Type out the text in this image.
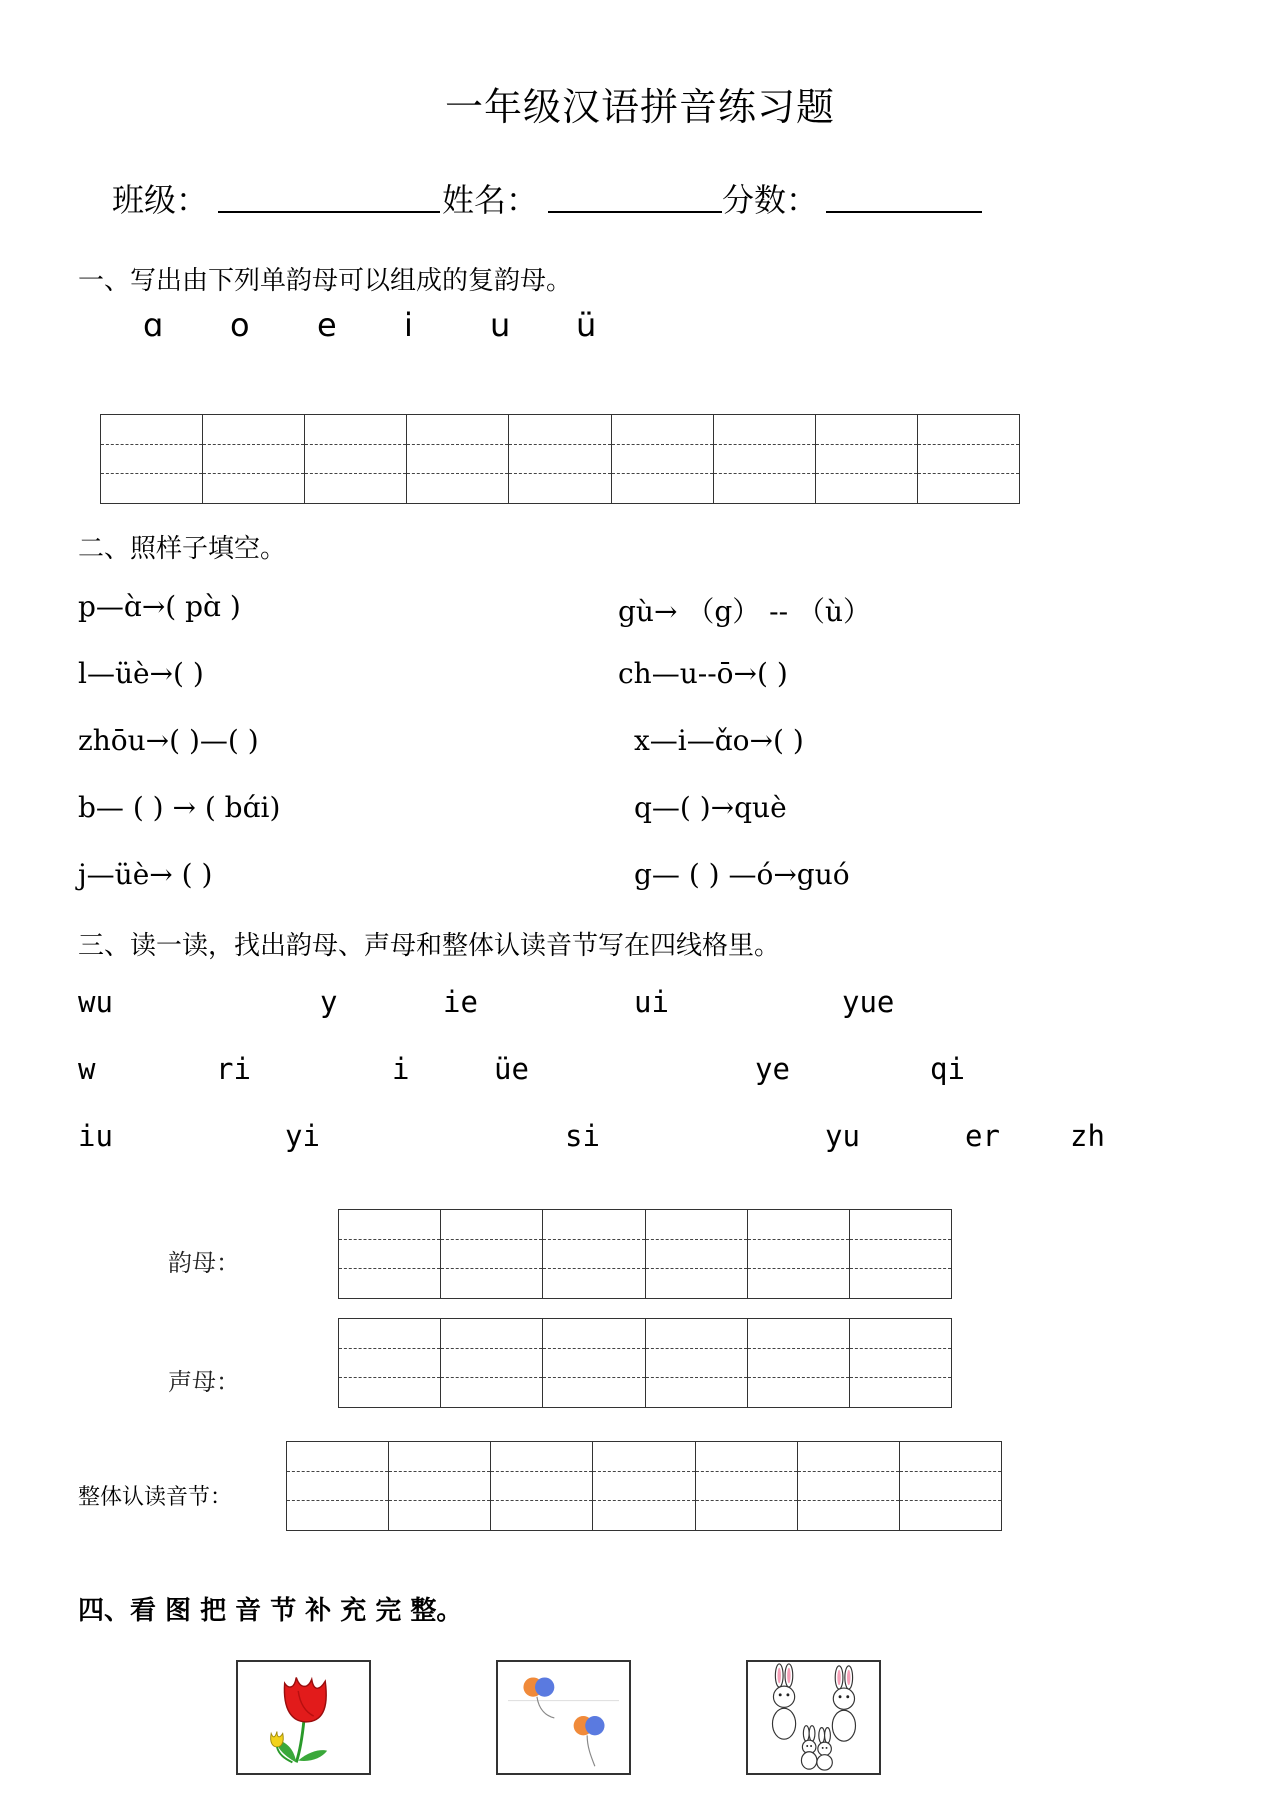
一年级汉语拼音练习题
班级：	姓名：	分数：
一、写出由下列单韵母可以组成的复韵母。
ɑ o e i u ü
二、照样子填空。
p—ɑ̀→( pɑ̀ )	gù→ （g） -- （ù）
l—üè→( )	ch—u--ō→( )
zhōu→( )—( )	x—i—ɑ̌o→( )
b— ( ) → ( bɑ́i)	q—( )→què
j—üè→ ( )	g— ( ) —ó→guó
三、读一读，找出韵母、声母和整体认读音节写在四线格里。
wu	y	ie	ui	yue
w	ri	i	üe	ye	qi
iu	yi	si	yu	er zh
韵母：
声母：
整体认读音节：
四、看 图 把 音 节 补 充 完 整。
